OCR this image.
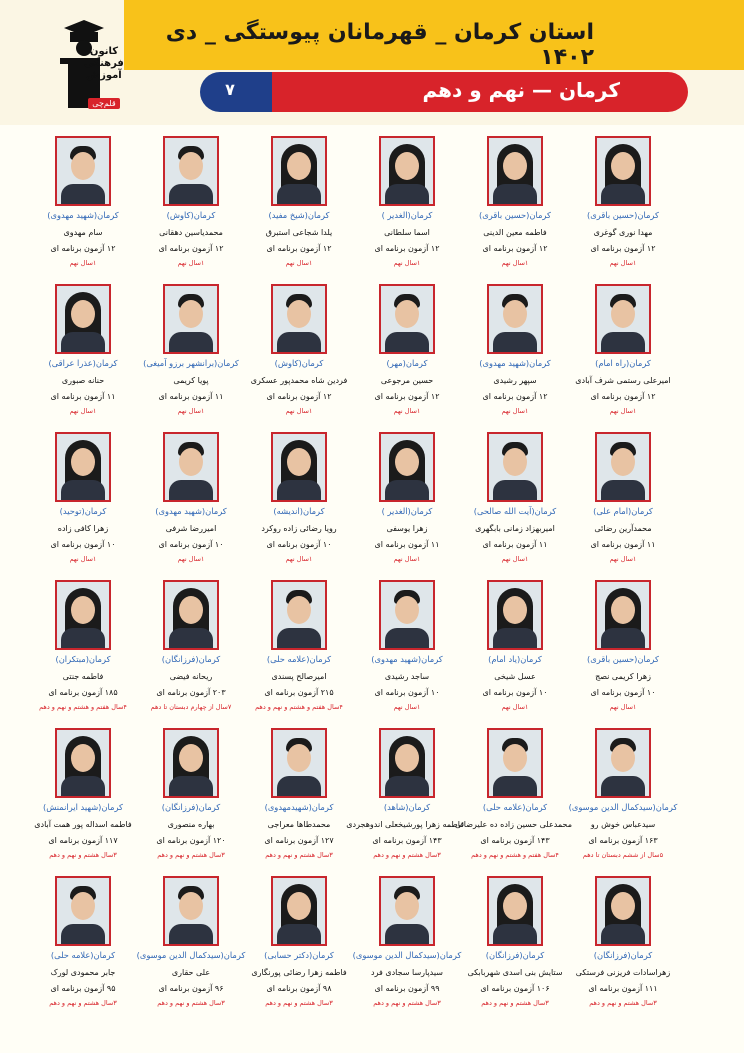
استان کرمان _ قهرمانان پیوستگی _ دی ۱۴۰۲
کرمان — نهم و دهم
۷
کانون
فرهنگی
آموزش
قلم‌چی
کرمان(حسین باقری)
مهدا نوری گوغری
۱۲ آزمون برنامه ای
۱سال نهم
کرمان(حسین باقری)
فاطمه معین الدینی
۱۲ آزمون برنامه ای
۱سال نهم
کرمان(الغدیر )
اسما سلطانی
۱۲ آزمون برنامه ای
۱سال نهم
کرمان(شیخ مفید)
یلدا شجاعی استبرق
۱۲ آزمون برنامه ای
۱سال نهم
کرمان(کاوش)
محمدیاسین دهقانی
۱۲ آزمون برنامه ای
۱سال نهم
کرمان(شهید مهدوی)
سام مهدوی
۱۲ آزمون برنامه ای
۱سال نهم
کرمان(راه امام)
امیرعلی رستمی شرف آبادی
۱۲ آزمون برنامه ای
۱سال نهم
کرمان(شهید مهدوی)
سپهر رشیدی
۱۲ آزمون برنامه ای
۱سال نهم
کرمان(مهر)
حسین مرجوعی
۱۲ آزمون برنامه ای
۱سال نهم
کرمان(کاوش)
فردین شاه محمدپور عسکری
۱۲ آزمون برنامه ای
۱سال نهم
کرمان(برانشهر برزو آمیغی)
پویا کریمی
۱۱ آزمون برنامه ای
۱سال نهم
کرمان(عذرا عراقی)
حنانه صبوری
۱۱ آزمون برنامه ای
۱سال نهم
کرمان(امام علی)
محمدآرین رضائی
۱۱ آزمون برنامه ای
۱سال نهم
کرمان(آیت الله صالحی)
امیربهزاد زمانی بابگهری
۱۱ آزمون برنامه ای
۱سال نهم
کرمان(الغدیر )
زهرا یوسفی
۱۱ آزمون برنامه ای
۱سال نهم
کرمان(اندیشه)
رویا رضائی زاده روکرد
۱۰ آزمون برنامه ای
۱سال نهم
کرمان(شهید مهدوی)
امیررضا شرفی
۱۰ آزمون برنامه ای
۱سال نهم
کرمان(توحید)
زهرا کافی زاده
۱۰ آزمون برنامه ای
۱سال نهم
کرمان(حسین باقری)
زهرا کریمی نصج
۱۰ آزمون برنامه ای
۱سال نهم
کرمان(یاد امام)
عسل شیخی
۱۰ آزمون برنامه ای
۱سال نهم
کرمان(شهید مهدوی)
ساجد رشیدی
۱۰ آزمون برنامه ای
۱سال نهم
کرمان(علامه حلی)
امیرصالح پسندی
۲۱۵ آزمون برنامه ای
۴سال هفتم و هشتم و نهم و دهم
کرمان(فرزانگان)
ریحانه فیضی
۲۰۳ آزمون برنامه ای
۷سال از چهارم دبستان تا دهم
کرمان(مبتکران)
فاطمه جنتی
۱۸۵ آزمون برنامه ای
۴سال هفتم و هشتم و نهم و دهم
کرمان(سیدکمال الدین موسوی)
سیدعباس خوش رو
۱۶۳ آزمون برنامه ای
۵سال از ششم دبستان تا دهم
کرمان(علامه حلی)
محمدعلی حسین زاده ده علیرضائی
۱۴۳ آزمون برنامه ای
۴سال هفتم و هشتم و نهم و دهم
کرمان(شاهد)
فاطمه زهرا پورشیخعلی اندوهجردی
۱۴۳ آزمون برنامه ای
۳سال هشتم و نهم و دهم
کرمان(شهیدمهدوی)
محمدطاها معراجی
۱۲۷ آزمون برنامه ای
۳سال هشتم و نهم و دهم
کرمان(فرزانگان)
بهاره منصوری
۱۲۰ آزمون برنامه ای
۳سال هشتم و نهم و دهم
کرمان(شهید ایرانمنش)
فاطمه اسداله پور همت آبادی
۱۱۷ آزمون برنامه ای
۳سال هشتم و نهم و دهم
کرمان(فرزانگان)
زهراسادات فریزنی فرستکی
۱۱۱ آزمون برنامه ای
۳سال هشتم و نهم و دهم
کرمان(فرزانگان)
ستایش بنی اسدی شهربابکی
۱۰۶ آزمون برنامه ای
۳سال هشتم و نهم و دهم
کرمان(سیدکمال الدین موسوی)
سیدپارسا سجادی فرد
۹۹ آزمون برنامه ای
۳سال هشتم و نهم و دهم
کرمان(دکتر حسابی)
فاطمه زهرا رضائی پورنگاری
۹۸ آزمون برنامه ای
۳سال هشتم و نهم و دهم
کرمان(سیدکمال الدین موسوی)
علی حقاری
۹۶ آزمون برنامه ای
۳سال هشتم و نهم و دهم
کرمان(علامه حلی)
جابر محمودی لورک
۹۵ آزمون برنامه ای
۳سال هشتم و نهم و دهم
